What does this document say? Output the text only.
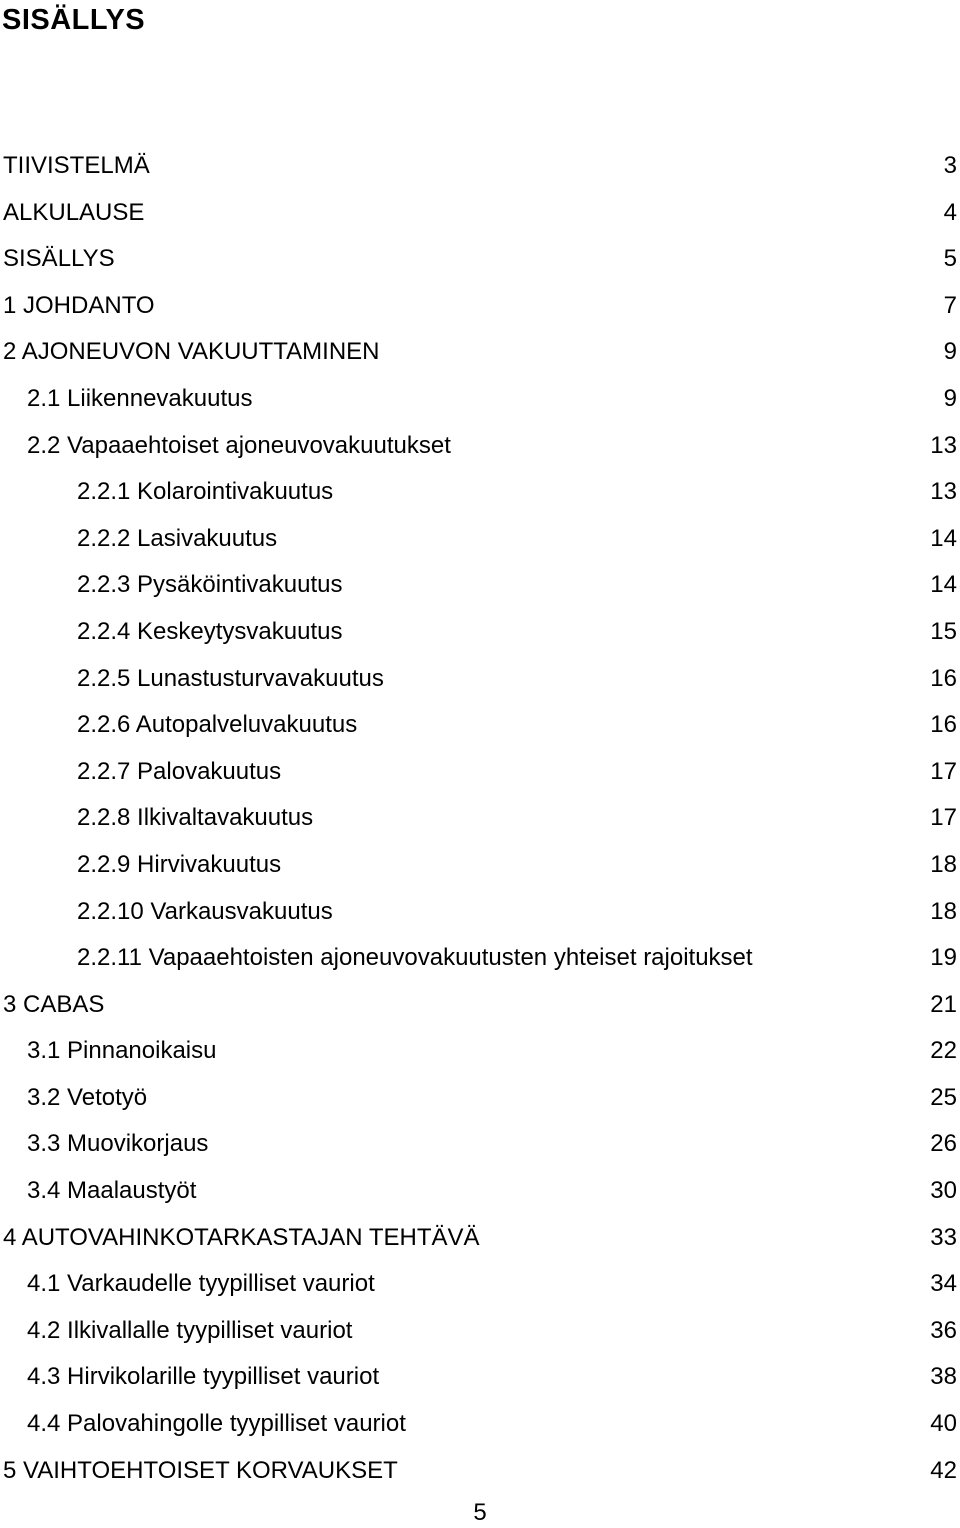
SISÄLLYS
TIIVISTELMÄ	3
ALKULAUSE	4
SISÄLLYS	5
1 JOHDANTO	7
2 AJONEUVON VAKUUTTAMINEN	9
2.1 Liikennevakuutus	9
2.2 Vapaaehtoiset ajoneuvovakuutukset	13
2.2.1 Kolarointivakuutus	13
2.2.2 Lasivakuutus	14
2.2.3 Pysäköintivakuutus	14
2.2.4 Keskeytysvakuutus	15
2.2.5 Lunastusturvavakuutus	16
2.2.6 Autopalveluvakuutus	16
2.2.7 Palovakuutus	17
2.2.8 Ilkivaltavakuutus	17
2.2.9 Hirvivakuutus	18
2.2.10 Varkausvakuutus	18
2.2.11 Vapaaehtoisten ajoneuvovakuutusten yhteiset rajoitukset	19
3 CABAS	21
3.1 Pinnanoikaisu	22
3.2 Vetotyö	25
3.3 Muovikorjaus	26
3.4 Maalaustyöt	30
4 AUTOVAHINKOTARKASTAJAN TEHTÄVÄ	33
4.1 Varkaudelle tyypilliset vauriot	34
4.2 Ilkivallalle tyypilliset vauriot	36
4.3 Hirvikolarille tyypilliset vauriot	38
4.4 Palovahingolle tyypilliset vauriot	40
5 VAIHTOEHTOISET KORVAUKSET	42
5
